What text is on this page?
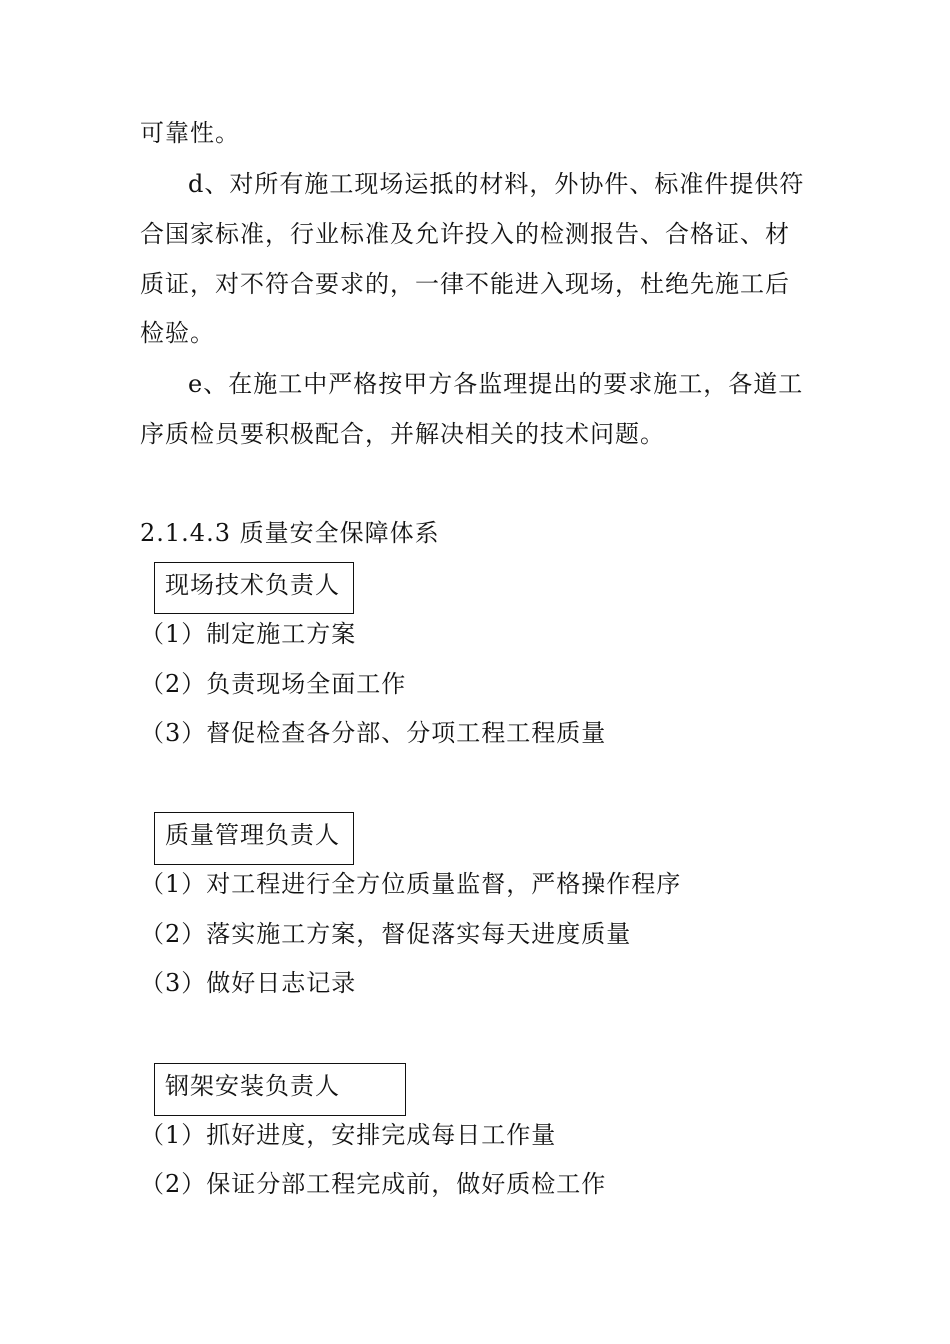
可靠性。
d、对所有施工现场运抵的材料，外协件、标准件提供符
合国家标准，行业标准及允许投入的检测报告、合格证、材
质证，对不符合要求的，一律不能进入现场，杜绝先施工后
检验。
e、在施工中严格按甲方各监理提出的要求施工，各道工
序质检员要积极配合，并解决相关的技术问题。
2.1.4.3 质量安全保障体系
现场技术负责人
（1）制定施工方案
（2）负责现场全面工作
（3）督促检查各分部、分项工程工程质量
质量管理负责人
（1）对工程进行全方位质量监督，严格操作程序
（2）落实施工方案，督促落实每天进度质量
（3）做好日志记录
钢架安装负责人
（1）抓好进度，安排完成每日工作量
（2）保证分部工程完成前，做好质检工作
